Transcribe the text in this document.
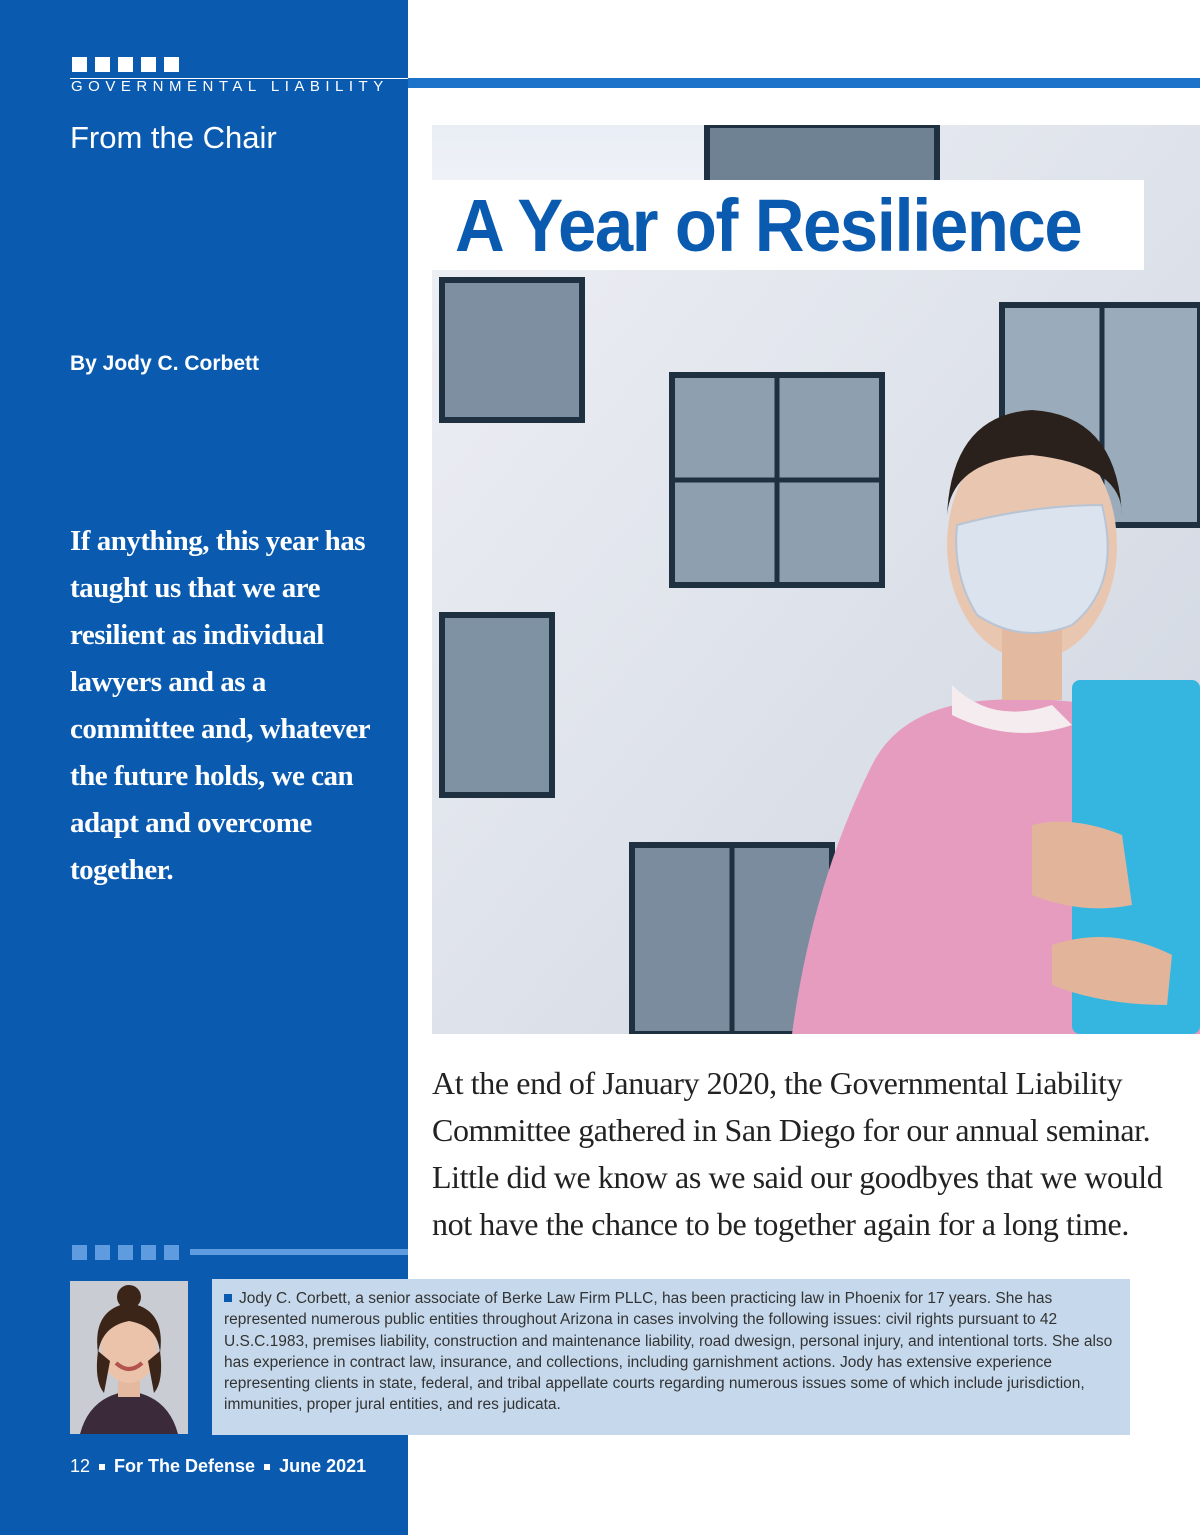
GOVERNMENTAL LIABILITY
From the Chair
By Jody C. Corbett
If anything, this year has taught us that we are resilient as individual lawyers and as a committee and, whatever the future holds, we can adapt and overcome together.
A Year of Resilience
At the end of January 2020, the Governmental Liability Committee gathered in San Diego for our annual seminar. Little did we know as we said our goodbyes that we would not have the chance to be together again for a long time.

Jody C. Corbett, a senior associate of Berke Law Firm PLLC, has been practicing law in Phoenix for 17 years. She has represented numerous public entities throughout Arizona in cases involving the following issues: civil rights pursuant to 42 U.S.C.1983, premises liability, construction and maintenance liability, road dwesign, personal injury, and intentional torts. She also has experience in contract law, insurance, and collections, including garnishment actions. Jody has extensive experience representing clients in state, federal, and tribal appellate courts regarding numerous issues some of which include jurisdiction, immunities, proper jural entities, and res judicata.

12 For The Defense June 2021
